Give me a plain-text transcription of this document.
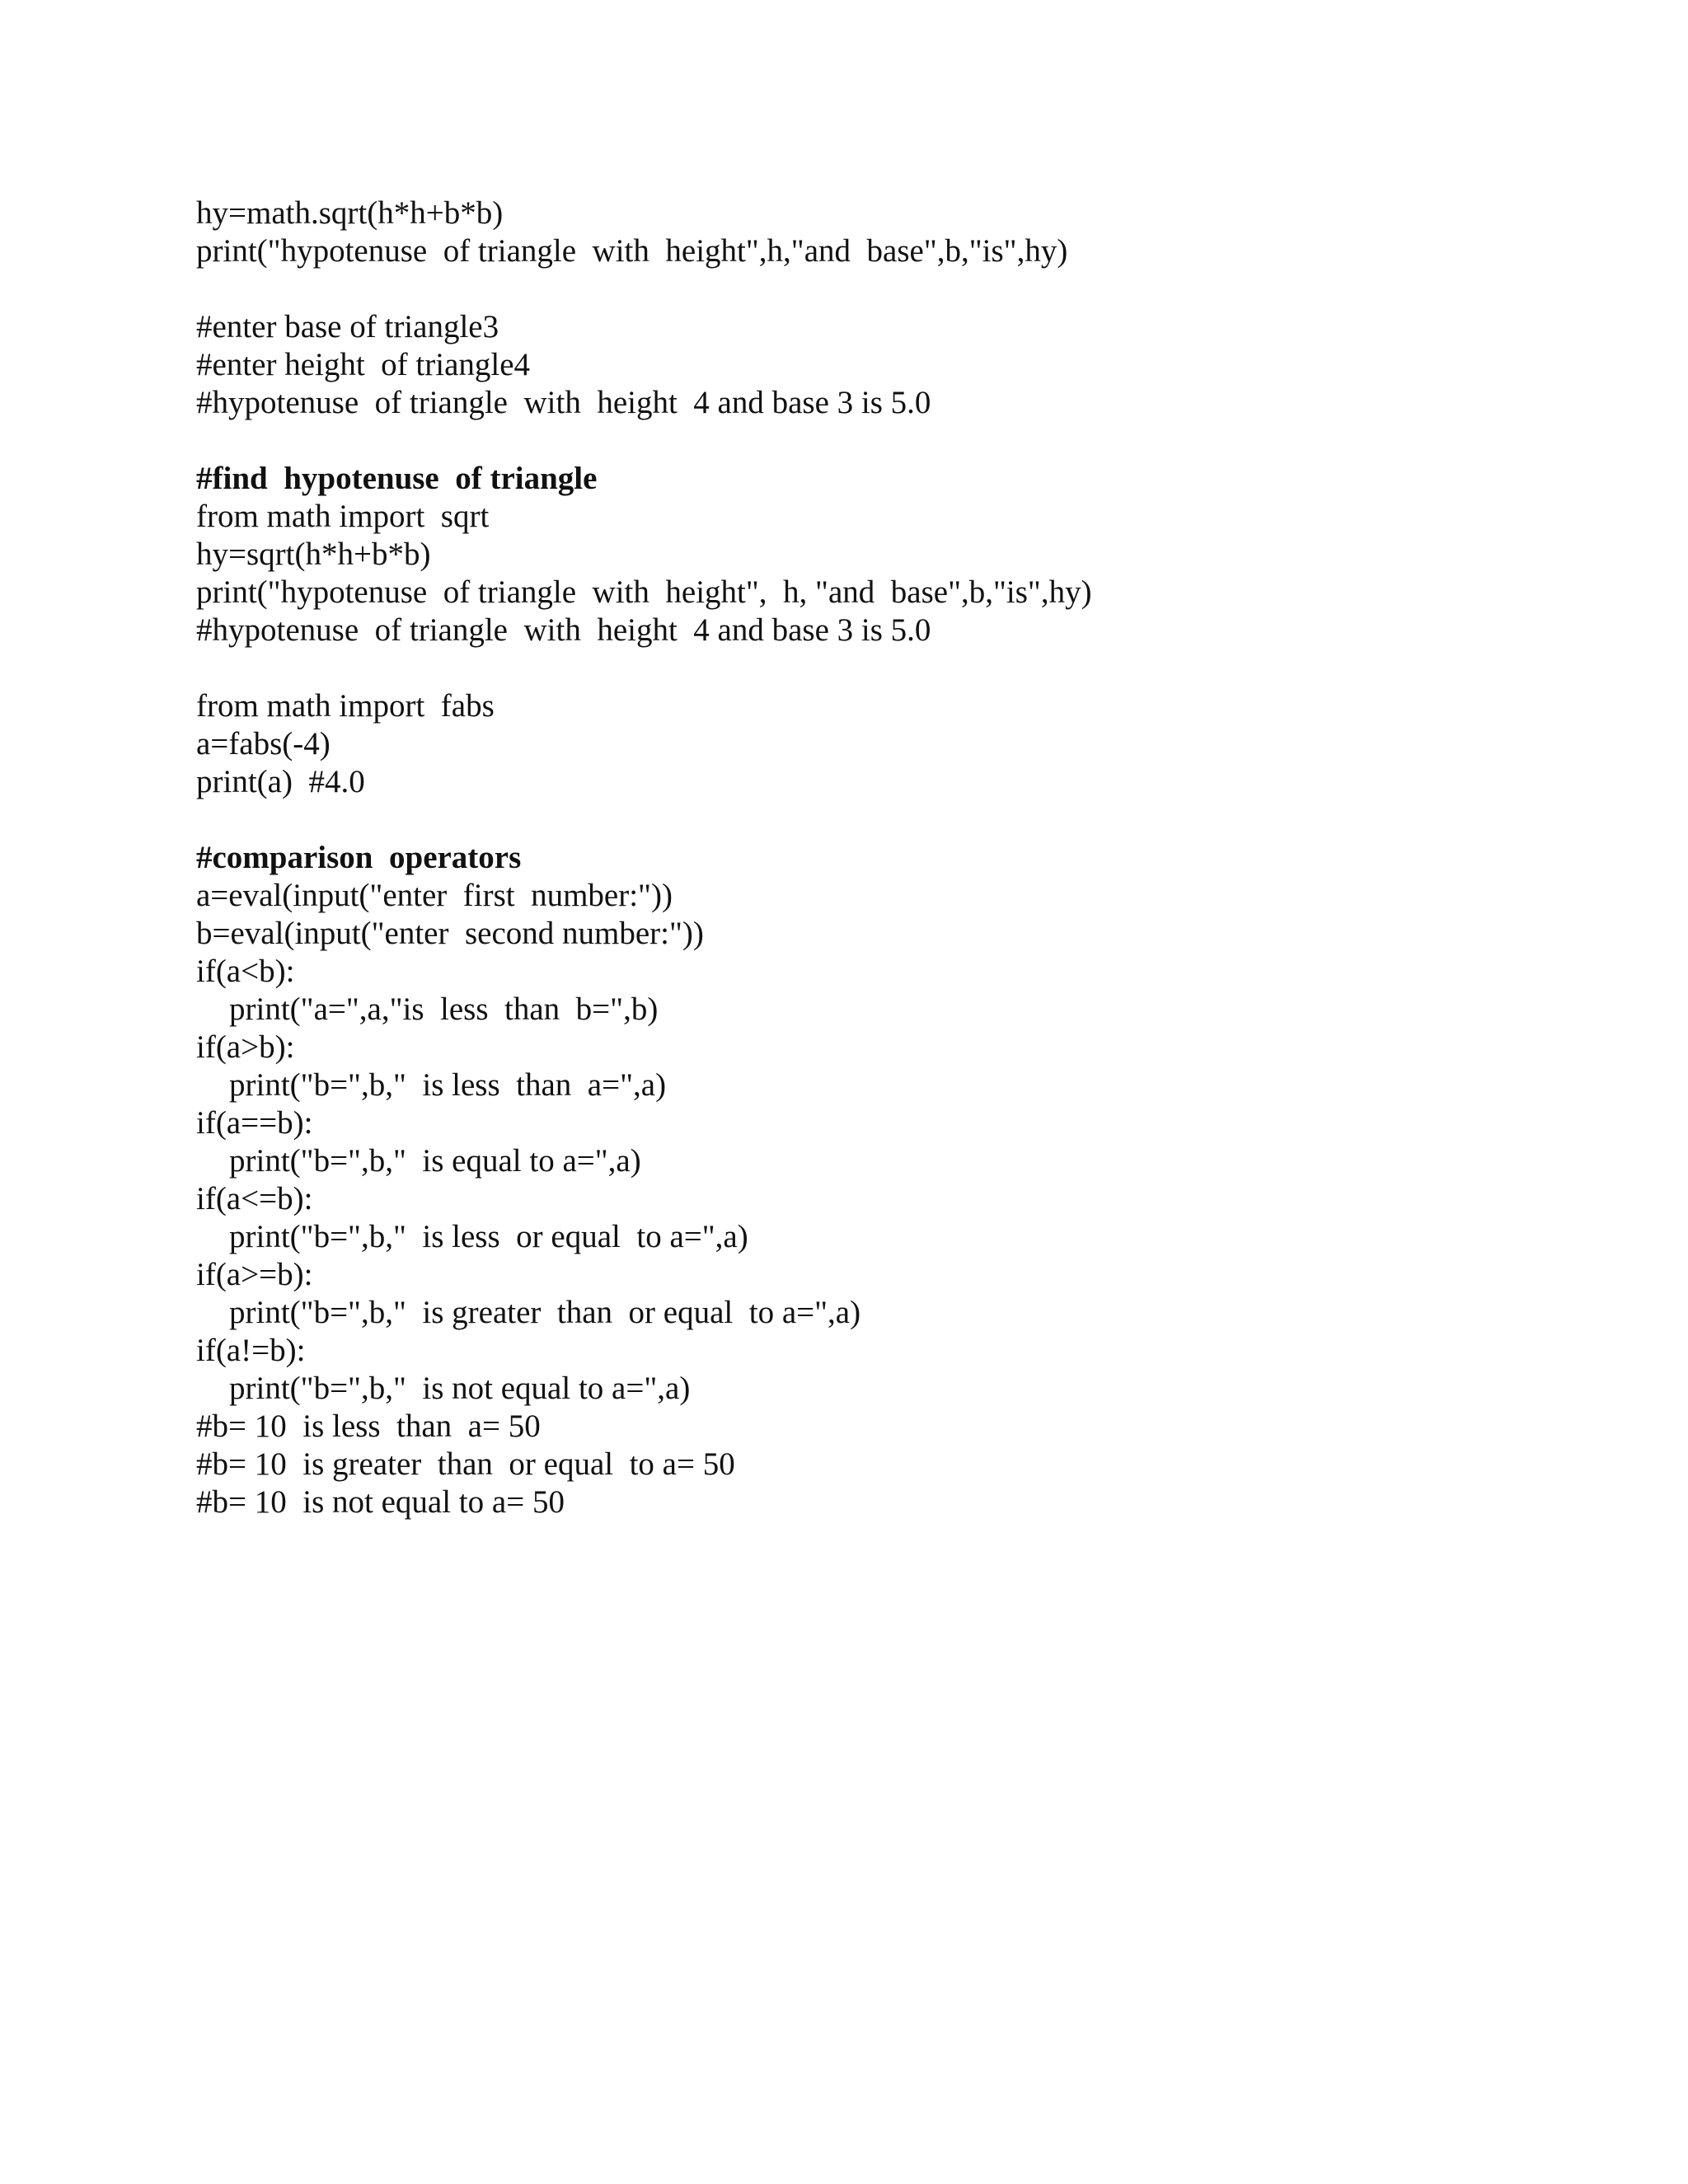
hy=math.sqrt(h*h+b*b)
print("hypotenuse  of triangle  with  height",h,"and  base",b,"is",hy)
#enter base of triangle3
#enter height  of triangle4
#hypotenuse  of triangle  with  height  4 and base 3 is 5.0
#find  hypotenuse  of triangle
from math import  sqrt
hy=sqrt(h*h+b*b)
print("hypotenuse  of triangle  with  height",  h, "and  base",b,"is",hy)
#hypotenuse  of triangle  with  height  4 and base 3 is 5.0
from math import  fabs
a=fabs(-4)
print(a)  #4.0
#comparison  operators
a=eval(input("enter  first  number:"))
b=eval(input("enter  second number:"))
if(a<b):
print("a=",a,"is  less  than  b=",b)
if(a>b):
print("b=",b,"  is less  than  a=",a)
if(a==b):
print("b=",b,"  is equal to a=",a)
if(a<=b):
print("b=",b,"  is less  or equal  to a=",a)
if(a>=b):
print("b=",b,"  is greater  than  or equal  to a=",a)
if(a!=b):
print("b=",b,"  is not equal to a=",a)
#b= 10  is less  than  a= 50
#b= 10  is greater  than  or equal  to a= 50
#b= 10  is not equal to a= 50
